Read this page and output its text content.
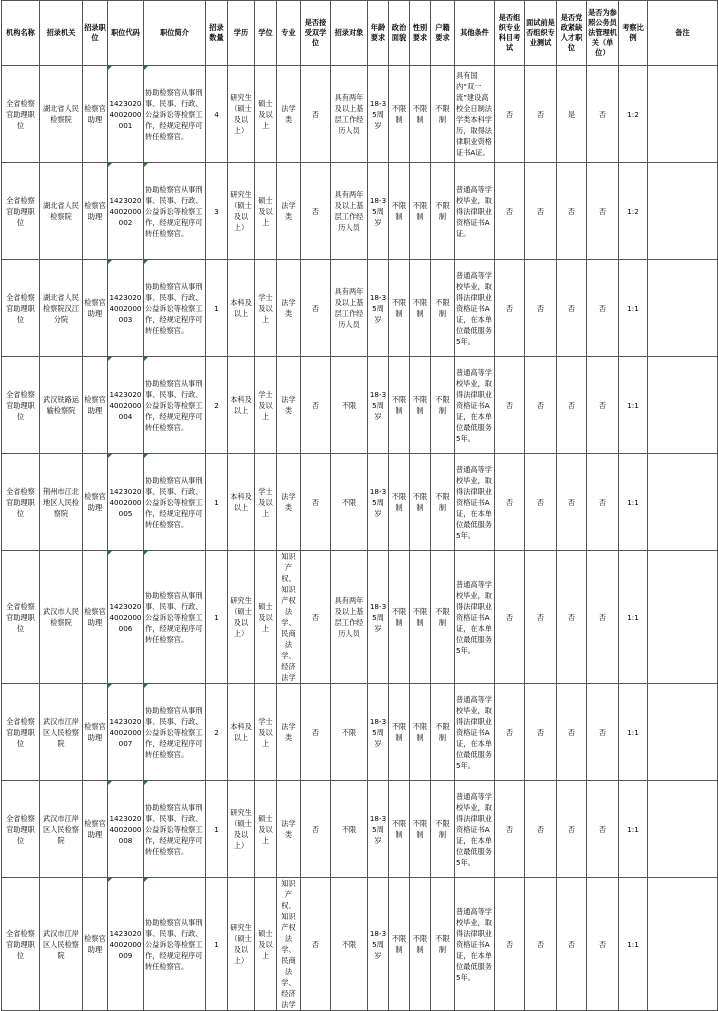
机构名称	招录机关	招录职位	职位代码	职位简介	招录数量	学历	学位	专业	是否接受双学位	招录对象	年龄要求	政治面貌	性别要求	户籍要求	其他条件	是否组织专业科目考试	面试前是否组织专业测试	是否党政紧缺人才职位	是否为参照公务员法管理机关（单位）	考察比例	备注
全省检察官助理职位	湖北省人民检察院	检察官助理	14230204002000001	协助检察官从事刑事、民事、行政、公益诉讼等检察工作，经规定程序可转任检察官。	4	研究生（硕士及以上）	硕士及以上	法学类	否	具有两年及以上基层工作经历人员	18-35周岁	不限制	不限制	不限制	具有国内“双一流”建设高校全日制法学类本科学历，取得法律职业资格证书A证。	否	否	是	否	1:2	
全省检察官助理职位	湖北省人民检察院	检察官助理	14230204002000002	协助检察官从事刑事、民事、行政、公益诉讼等检察工作，经规定程序可转任检察官。	3	研究生（硕士及以上）	硕士及以上	法学类	否	具有两年及以上基层工作经历人员	18-35周岁	不限制	不限制	不限制	普通高等学校毕业，取得法律职业资格证书A证。	否	否	否	否	1:2	
全省检察官助理职位	湖北省人民检察院汉江分院	检察官助理	14230204002000003	协助检察官从事刑事、民事、行政、公益诉讼等检察工作，经规定程序可转任检察官。	1	本科及以上	学士及以上	法学类	否	具有两年及以上基层工作经历人员	18-35周岁	不限制	不限制	不限制	普通高等学校毕业，取得法律职业资格证书A证，在本单位最低服务5年。	否	否	否	否	1:1	
全省检察官助理职位	武汉铁路运输检察院	检察官助理	14230204002000004	协助检察官从事刑事、民事、行政、公益诉讼等检察工作，经规定程序可转任检察官。	2	本科及以上	学士及以上	法学类	否	不限	18-35周岁	不限制	不限制	不限制	普通高等学校毕业，取得法律职业资格证书A证，在本单位最低服务5年。	否	否	否	否	1:1	
全省检察官助理职位	荆州市江北地区人民检察院	检察官助理	14230204002000005	协助检察官从事刑事、民事、行政、公益诉讼等检察工作，经规定程序可转任检察官。	1	本科及以上	学士及以上	法学类	否	不限	18-35周岁	不限制	不限制	不限制	普通高等学校毕业，取得法律职业资格证书A证，在本单位最低服务5年。	否	否	否	否	1:1	
全省检察官助理职位	武汉市人民检察院	检察官助理	14230204002000006	协助检察官从事刑事、民事、行政、公益诉讼等检察工作，经规定程序可转任检察官。	1	研究生（硕士及以上）	硕士及以上	知识产权、知识产权法学、民商法学、经济法学	否	具有两年及以上基层工作经历人员	18-35周岁	不限制	不限制	不限制	普通高等学校毕业，取得法律职业资格证书A证，在本单位最低服务5年。	否	否	否	否	1:1	
全省检察官助理职位	武汉市江岸区人民检察院	检察官助理	14230204002000007	协助检察官从事刑事、民事、行政、公益诉讼等检察工作，经规定程序可转任检察官。	2	本科及以上	学士及以上	法学类	否	不限	18-35周岁	不限制	不限制	不限制	普通高等学校毕业，取得法律职业资格证书A证，在本单位最低服务5年。	否	否	否	否	1:1	
全省检察官助理职位	武汉市江岸区人民检察院	检察官助理	14230204002000008	协助检察官从事刑事、民事、行政、公益诉讼等检察工作，经规定程序可转任检察官。	1	研究生（硕士及以上）	硕士及以上	法学类	否	不限	18-35周岁	不限制	不限制	不限制	普通高等学校毕业，取得法律职业资格证书A证，在本单位最低服务5年。	否	否	否	否	1:1	
全省检察官助理职位	武汉市江岸区人民检察院	检察官助理	14230204002000009	协助检察官从事刑事、民事、行政、公益诉讼等检察工作，经规定程序可转任检察官。	1	研究生（硕士及以上）	硕士及以上	知识产权、知识产权法学、民商法学、经济法学	否	不限	18-35周岁	不限制	不限制	不限制	普通高等学校毕业，取得法律职业资格证书A证，在本单位最低服务5年。	否	否	否	否	1:1	
